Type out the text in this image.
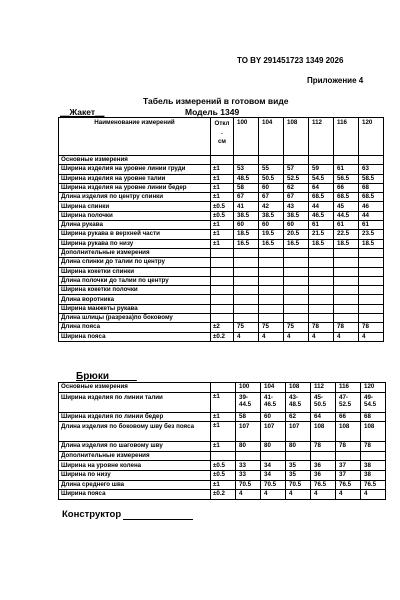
ТО BY 291451723 1349 2026
Приложение 4
Табель измерений в готовом виде
__Жакет__	Модель 1349
Наименование измерений	Откл
.
см	100	104	108	112	116	120
Основные измерения							
Ширина изделия на уровне линии груди	±1	53	55	57	59	61	63
Ширина изделия на уровне талии	±1	48.5	50.5	52.5	54.5	56.5	58.5
Ширина изделия на уровне линии бедер	±1	58	60	62	64	66	68
Длина изделия по центру спинки	±1	67	67	67	68.5	68.5	68.5
Ширина спинки	±0.5	41	42	43	44	45	46
Ширина полочки	±0.5	38.5	38.5	38.5	46.5	44.5	44
Длина рукава	±1	60	60	60	61	61	61
Ширина рукава в верхней части	±1	18.5	19.5	20.5	21.5	22.5	23.5
Ширина рукава по низу	±1	16.5	16.5	16.5	18.5	18.5	18.5
Дополнительные измерения							
Длина спинки до талии по центру							
Ширина кокетки спинки							
Длина полочки до талии по центру							
Ширина кокетки полочки							
Длина воротника							
Ширина манжеты рукава							
Длина шлицы (разреза)по боковому							
Длина пояса	±2	75	75	75	78	78	78
Ширина пояса	±0.2	4	4	4	4	4	4
Брюки_____
Основные измерения		100	104	108	112	116	120
Ширина изделия по линии талии	±1	39-44.5	41-46.5	43-48.5	45-50.5	47-52.5	49-54.5
Ширина изделия по линии бедер	±1	58	60	62	64	66	68
Длина изделия по боковому шву без пояса	±1	107	107	107	108	108	108
Длина изделия по шаговому шву	±1	80	80	80	78	78	78
Дополнительные измерения							
Ширина на уровне колена	±0.5	33	34	35	36	37	38
Ширина по низу	±0.5	33	34	35	36	37	38
Длина среднего шва	±1	70.5	70.5	70.5	76.5	76.5	76.5
Ширина пояса	±0.2	4	4	4	4	4	4
Конструктор
